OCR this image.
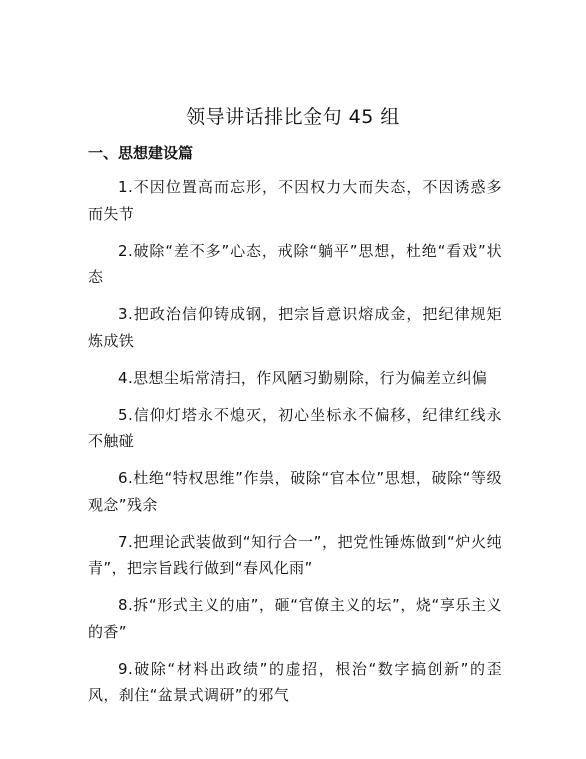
领导讲话排比金句 45 组
一、思想建设篇

1.不因位置高而忘形，不因权力大而失态，不因诱惑多而失节

2.破除“差不多”心态，戒除“躺平”思想，杜绝“看戏”状态

3.把政治信仰铸成钢，把宗旨意识熔成金，把纪律规矩炼成铁

4.思想尘垢常清扫，作风陋习勤剔除，行为偏差立纠偏

5.信仰灯塔永不熄灭，初心坐标永不偏移，纪律红线永不触碰

6.杜绝“特权思维”作祟，破除“官本位”思想，破除“等级观念”残余

7.把理论武装做到“知行合一”，把党性锤炼做到“炉火纯青”，把宗旨践行做到“春风化雨”

8.拆“形式主义的庙”，砸“官僚主义的坛”，烧“享乐主义的香”

9.破除“材料出政绩”的虚招，根治“数字搞创新”的歪风，刹住“盆景式调研”的邪气
